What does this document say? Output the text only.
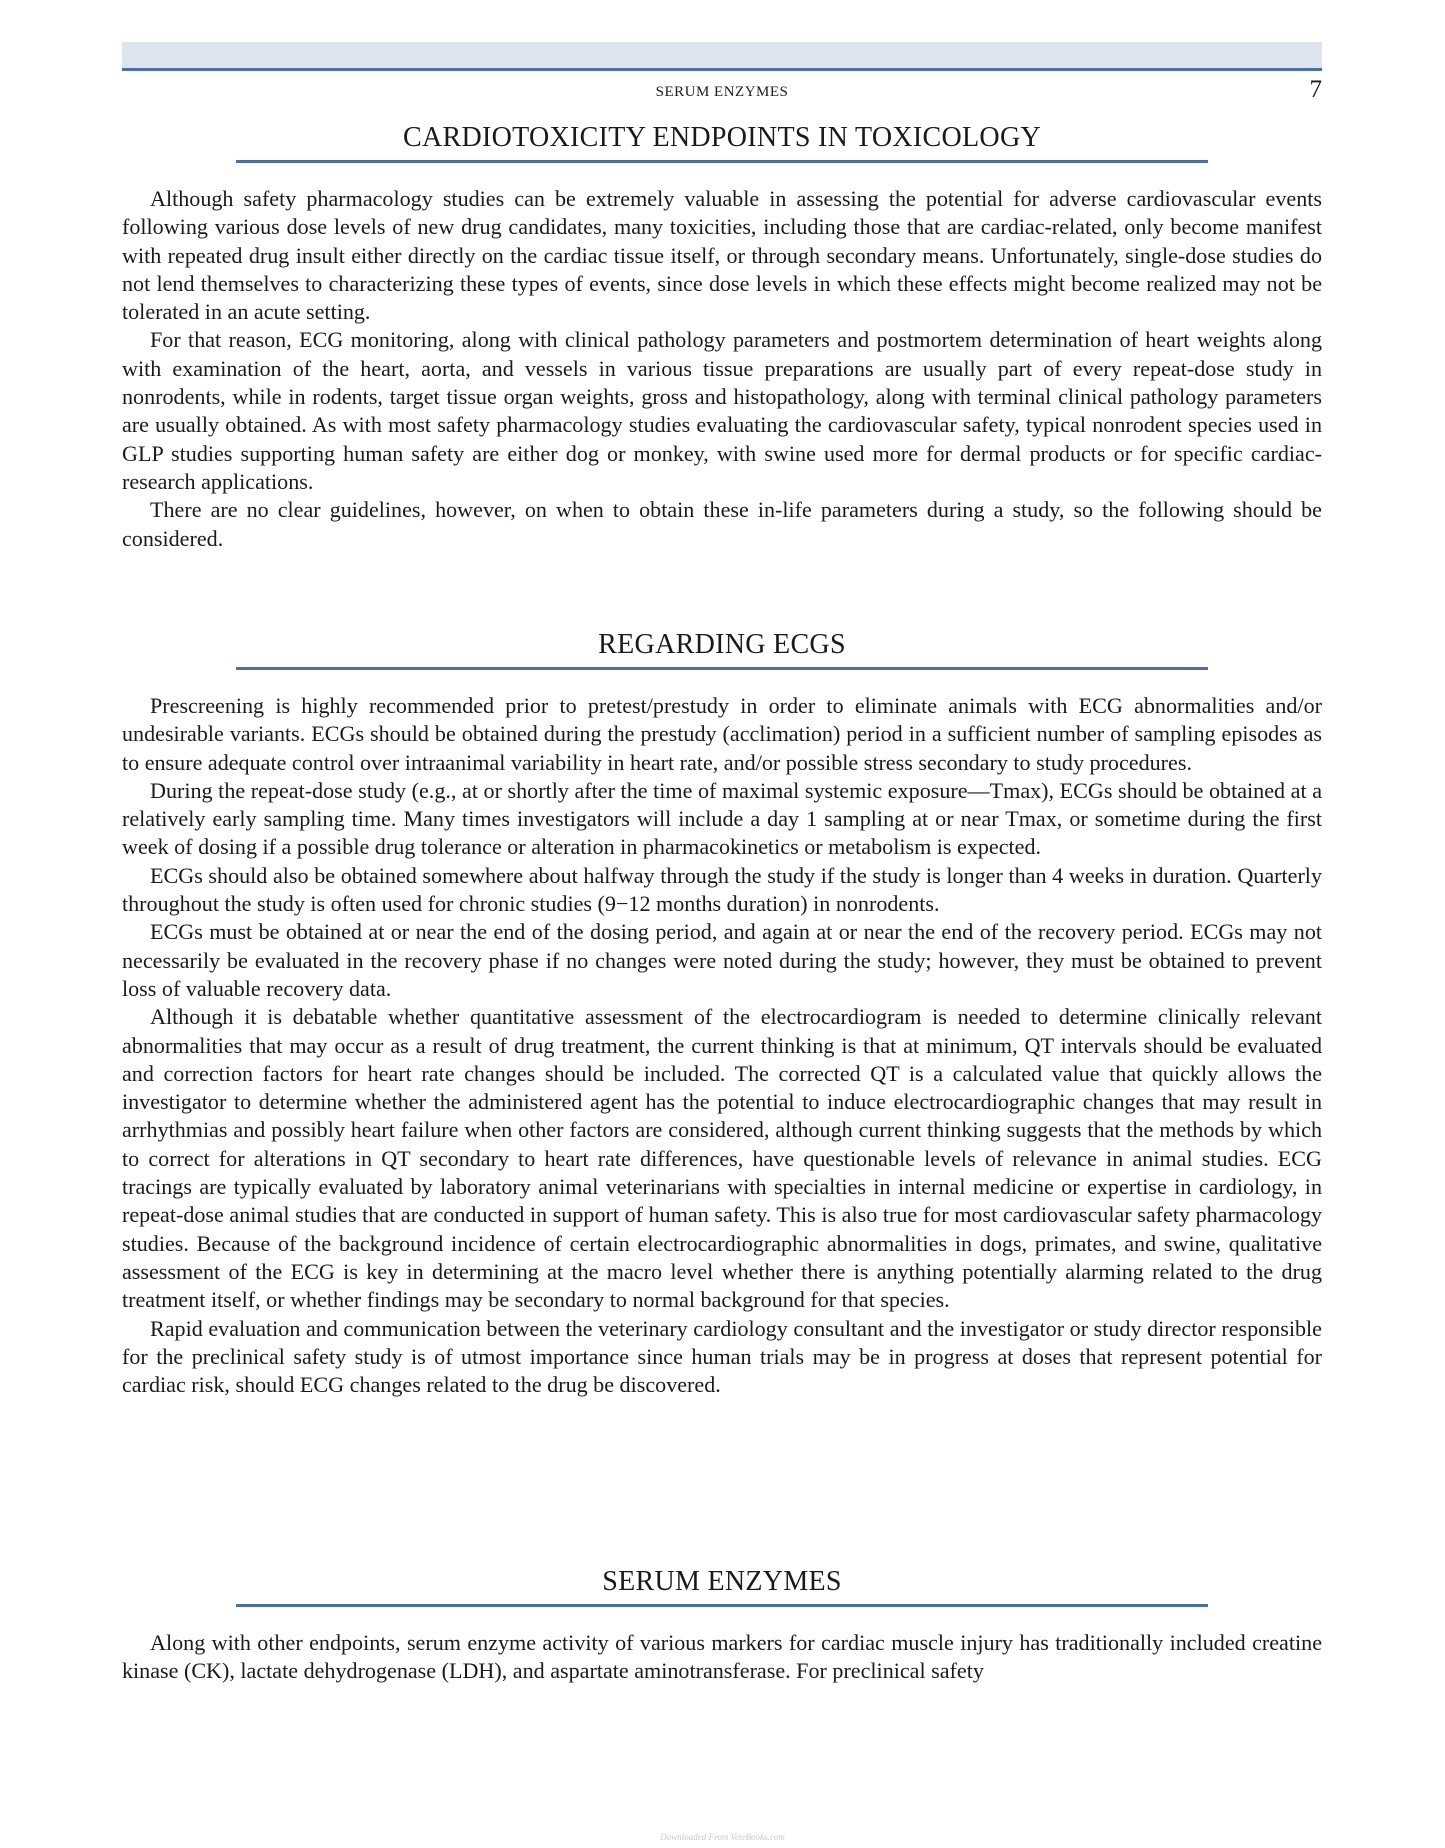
SERUM ENZYMES	7
CARDIOTOXICITY ENDPOINTS IN TOXICOLOGY

Although safety pharmacology studies can be extremely valuable in assessing the potential for adverse cardiovascular events following various dose levels of new drug candidates, many toxicities, including those that are cardiac-related, only become manifest with repeated drug insult either directly on the cardiac tissue itself, or through secondary means. Unfortunately, single-dose studies do not lend themselves to characterizing these types of events, since dose levels in which these effects might become realized may not be tolerated in an acute setting.

For that reason, ECG monitoring, along with clinical pathology parameters and postmortem determination of heart weights along with examination of the heart, aorta, and vessels in various tissue preparations are usually part of every repeat-dose study in nonrodents, while in rodents, target tissue organ weights, gross and histopathology, along with terminal clinical pathology parameters are usually obtained. As with most safety pharmacology studies evaluating the cardiovascular safety, typical nonrodent species used in GLP studies supporting human safety are either dog or monkey, with swine used more for dermal products or for specific cardiac-research applications.

There are no clear guidelines, however, on when to obtain these in-life parameters during a study, so the following should be considered.

REGARDING ECGS

Prescreening is highly recommended prior to pretest/prestudy in order to eliminate animals with ECG abnormalities and/or undesirable variants. ECGs should be obtained during the prestudy (acclimation) period in a sufficient number of sampling episodes as to ensure adequate control over intraanimal variability in heart rate, and/or possible stress secondary to study procedures.

During the repeat-dose study (e.g., at or shortly after the time of maximal systemic exposure—Tmax), ECGs should be obtained at a relatively early sampling time. Many times investigators will include a day 1 sampling at or near Tmax, or sometime during the first week of dosing if a possible drug tolerance or alteration in pharmacokinetics or metabolism is expected.

ECGs should also be obtained somewhere about halfway through the study if the study is longer than 4 weeks in duration. Quarterly throughout the study is often used for chronic studies (9−12 months duration) in nonrodents.

ECGs must be obtained at or near the end of the dosing period, and again at or near the end of the recovery period. ECGs may not necessarily be evaluated in the recovery phase if no changes were noted during the study; however, they must be obtained to prevent loss of valuable recovery data.

Although it is debatable whether quantitative assessment of the electrocardiogram is needed to determine clinically relevant abnormalities that may occur as a result of drug treatment, the current thinking is that at minimum, QT intervals should be evaluated and correction factors for heart rate changes should be included. The corrected QT is a calculated value that quickly allows the investigator to determine whether the administered agent has the potential to induce electrocardiographic changes that may result in arrhythmias and possibly heart failure when other factors are considered, although current thinking suggests that the methods by which to correct for alterations in QT secondary to heart rate differences, have questionable levels of relevance in animal studies. ECG tracings are typically evaluated by laboratory animal veterinarians with specialties in internal medicine or expertise in cardiology, in repeat-dose animal studies that are conducted in support of human safety. This is also true for most cardiovascular safety pharmacology studies. Because of the background incidence of certain electrocardiographic abnormalities in dogs, primates, and swine, qualitative assessment of the ECG is key in determining at the macro level whether there is anything potentially alarming related to the drug treatment itself, or whether findings may be secondary to normal background for that species.

Rapid evaluation and communication between the veterinary cardiology consultant and the investigator or study director responsible for the preclinical safety study is of utmost importance since human trials may be in progress at doses that represent potential for cardiac risk, should ECG changes related to the drug be discovered.

SERUM ENZYMES

Along with other endpoints, serum enzyme activity of various markers for cardiac muscle injury has traditionally included creatine kinase (CK), lactate dehydrogenase (LDH), and aspartate aminotransferase. For preclinical safety

Downloaded From VeteBooks.com
